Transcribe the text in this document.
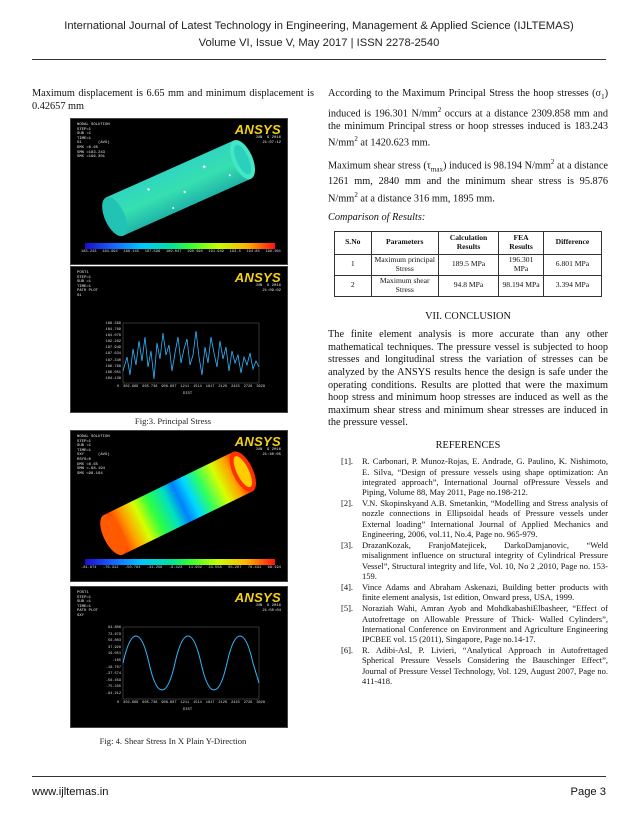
International Journal of Latest Technology in Engineering, Management & Applied Science (IJLTEMAS)
Volume VI, Issue V, May 2017 | ISSN 2278-2540

Maximum displacement is 6.65 mm and minimum displacement is 0.42657 mm

NODAL SOLUTION
STEP=1
SUB =1
TIME=1
S1       (AVG)
DMX =6.65
SMN =183.243
SMX =196.301
ANSYS
JUN  9 2016
21:07:12
183.243 184.694 186.145 187.596 189.047 190.498 191.949 193.4 194.85 196.301
POST1
STEP=1
SUB =1
TIME=1
PATH PLOT
S1
ANSYS
JUN  9 2016
21:09:02
188.369
184.789
184.076
182.262
187.949
187.634
187.340
186.768
186.051
184.138
0 302.869 605.738 908.607 1211 1514 1817 2120 2423 2726 3029
DIST
Fig:3. Principal Stress
NODAL SOLUTION
STEP=1
SUB =1
TIME=1
SXY      (AVG)
RSYS=0
DMX =6.65
SMN =-98.194
SMX =98.194
ANSYS
JUN  9 2016
21:40:05
-81.874 -76.312 -50.764 -31.256 -9.423 11.902 33.558 55.267 76.431 98.194
POST1
STEP=1
SUB =1
TIME=1
PATH PLOT
SXY
ANSYS
JUN  9 2016
21:50:04
94.806
73.679
56.803
37.926
19.051
.165
-18.707
-37.574
-56.459
-75.335
-94.212
0 302.869 605.738 908.607 1211 1514 1817 2120 2423 2726 3029
DIST
Fig: 4. Shear Stress In X Plain Y-Direction

According to the Maximum Principal Stress the hoop stresses $(\sigma_1)$ induced is 196.301 $N/mm^2$ occurs at a distance 2309.858 mm and the minimum Principal stress or hoop stresses induced is 183.243 $N/mm^2$ at 1420.623 mm.

Maximum shear stress $(\tau_{max})$ induced is 98.194 $N/mm^2$ at a distance 1261 mm, 2840 mm and the minimum shear stress is 95.876 $N/mm^2$ at a distance 316 mm, 1895 mm.

Comparison of Results:

S.No	Parameters	Calculation Results	FEA Results	Difference
1	Maximum principal Stress	189.5 MPa	196.301 MPa	6.801 MPa
2	Maximum shear Stress	94.8 MPa	98.194 MPa	3.394 MPa
VII. CONCLUSION

The finite element analysis is more accurate than any other mathematical techniques. The pressure vessel is subjected to hoop stresses and longitudinal stress the variation of stresses can be analyzed by the ANSYS results hence the design is safe under the operating conditions. Results are plotted that were the maximum hoop stress and minimum hoop stresses are induced as well as the maximum shear stress and minimum shear stresses are induced in the pressure vessel.

REFERENCES
[1]. R. Carbonari, P. Munoz-Rojas, E. Andrade, G. Paulino, K. Nishimoto, E. Silva, “Design of pressure vessels using shape optimization: An integrated approach”, International Journal ofPressure Vessels and Piping, Volume 88, May 2011, Page no.198-212.
[2]. V.N. Skopinskyand A.B. Smetankin, “Modelling and Stress analysis of nozzle connections in Ellipsoidal heads of Pressure vessels under External loading” International Journal of Applied Mechanics and Engineering, 2006, vol.11, No.4, Page no. 965-979.
[3]. DrazanKozak, FranjoMatejicek, DarkoDamjanovic, “Weld misalignment influence on structural integrity of Cylindrical Pressure Vessel”, Structural integrity and life, Vol. 10, No 2 ,2010, Page no. 153-159.
[4]. Vince Adams and Abraham Askenazi, Building better products with finite element analysis, 1st edition, Onward press, USA, 1999.
[5]. Noraziah Wahi, Amran Ayob and MohdkabashiElbasheer, “Effect of Autofrettage on Allowable Pressure of Thick- Walled Cylinders”, International Conference on Environment and Agriculture Engineering IPCBEE vol. 15 (2011), Singapore, Page no.14-17.
[6]. R. Adibi-Asl, P. Livieri, “Analytical Approach in Autofrettaged Spherical Pressure Vessels Considering the Bauschinger Effect”, Journal of Pressure Vessel Technology, Vol. 129, August 2007, Page no. 411-418.
www.ijltemas.in	Page 3
